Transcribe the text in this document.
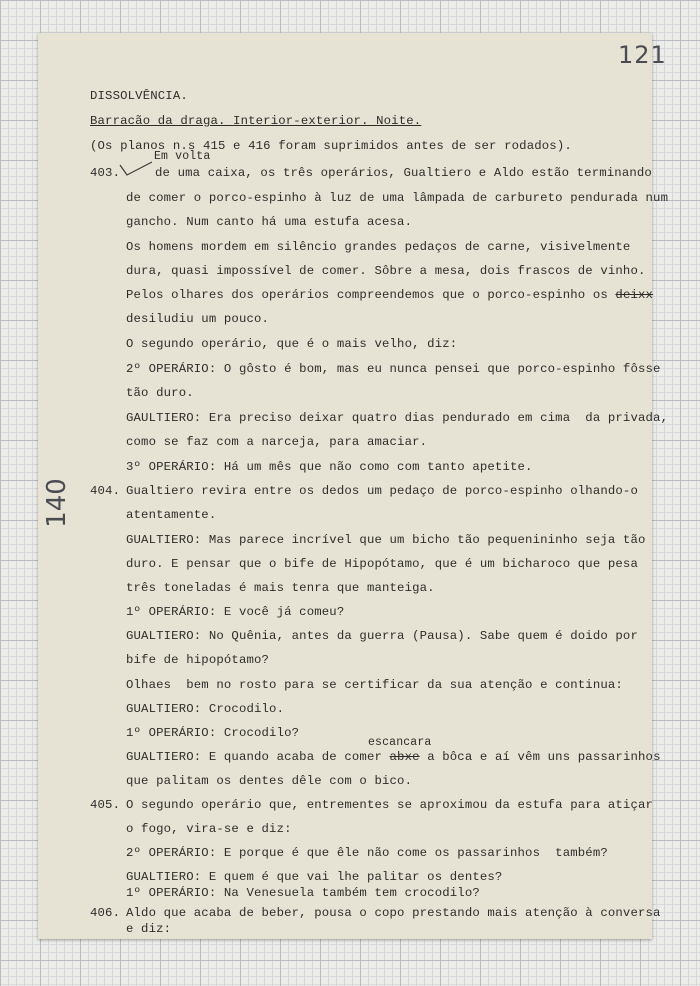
121
140
DISSOLVÊNCIA.
Barracão da draga. Interior-exterior. Noite.
(Os planos n.s 415 e 416 foram suprimidos antes de ser rodados).
Em volta
403.	de uma caixa, os três operários, Gualtiero e Aldo estão terminando
de comer o porco-espinho à luz de uma lâmpada de carbureto pendurada num
gancho. Num canto há uma estufa acesa.
Os homens mordem em silêncio grandes pedaços de carne, visivelmente
dura, quasi impossível de comer. Sôbre a mesa, dois frascos de vinho.
Pelos olhares dos operários compreendemos que o porco-espinho os deixx
desiludiu um pouco.
O segundo operário, que é o mais velho, diz:
2º OPERÁRIO: O gôsto é bom, mas eu nunca pensei que porco-espinho fôsse
tão duro.
GAULTIERO: Era preciso deixar quatro dias pendurado em cima  da privada,
como se faz com a narceja, para amaciar.
3º OPERÁRIO: Há um mês que não como com tanto apetite.
404. Gualtiero revira entre os dedos um pedaço de porco-espinho olhando-o
atentamente.
GUALTIERO: Mas parece incrível que um bicho tão pequenininho seja tão
duro. E pensar que o bife de Hipopótamo, que é um bicharoco que pesa
três toneladas é mais tenra que manteiga.
1º OPERÁRIO: E você já comeu?
GUALTIERO: No Quênia, antes da guerra (Pausa). Sabe quem é doido por
bife de hipopótamo?
Olhaes  bem no rosto para se certificar da sua atenção e continua:
GUALTIERO: Crocodilo.
1º OPERÁRIO: Crocodilo?
escancara
GUALTIERO: E quando acaba de comer abxe a bôca e aí vêm uns passarinhos
que palitam os dentes dêle com o bico.
405. O segundo operário que, entrementes se aproximou da estufa para atiçar
o fogo, vira-se e diz:
2º OPERÁRIO: E porque é que êle não come os passarinhos  também?
GUALTIERO: E quem é que vai lhe palitar os dentes?
1º OPERÁRIO: Na Venesuela também tem crocodilo?
406. Aldo que acaba de beber, pousa o copo prestando mais atenção à conversa
e diz:
